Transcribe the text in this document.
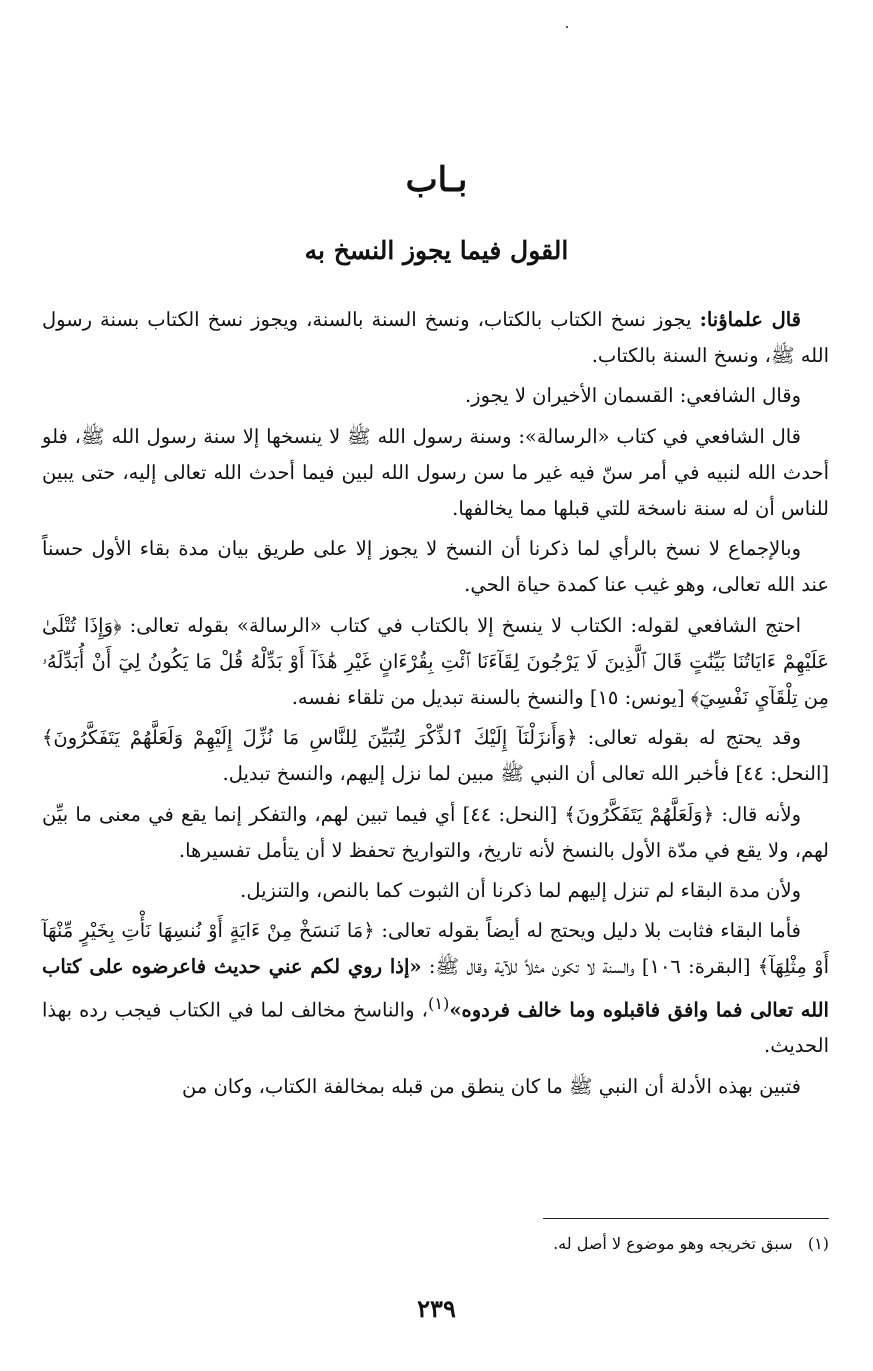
بـاب
القول فيما يجوز النسخ به

قال علماؤنا: يجوز نسخ الكتاب بالكتاب، ونسخ السنة بالسنة، ويجوز نسخ الكتاب بسنة رسول الله ﷺ، ونسخ السنة بالكتاب.

وقال الشافعي: القسمان الأخيران لا يجوز.

قال الشافعي في كتاب «الرسالة»: وسنة رسول الله ﷺ لا ينسخها إلا سنة رسول الله ﷺ، فلو أحدث الله لنبيه في أمر سنّ فيه غير ما سن رسول الله لبين فيما أحدث الله تعالى إليه، حتى يبين للناس أن له سنة ناسخة للتي قبلها مما يخالفها.

وبالإجماع لا نسخ بالرأي لما ذكرنا أن النسخ لا يجوز إلا على طريق بيان مدة بقاء الأول حسناً عند الله تعالى، وهو غيب عنا كمدة حياة الحي.

احتج الشافعي لقوله: الكتاب لا ينسخ إلا بالكتاب في كتاب «الرسالة» بقوله تعالى: ﴿وَإِذَا تُتْلَىٰ عَلَيْهِمْ ءَايَاتُنَا بَيِّنَٰتٍ قَالَ ٱلَّذِينَ لَا يَرْجُونَ لِقَآءَنَا ٱئْتِ بِقُرْءَانٍ غَيْرِ هَٰذَآ أَوْ بَدِّلْهُ قُلْ مَا يَكُونُ لِيٓ أَنْ أُبَدِّلَهُۥ مِن تِلْقَآيِ نَفْسِيٓ﴾ [يونس: ١٥] والنسخ بالسنة تبديل من تلقاء نفسه.

وقد يحتج له بقوله تعالى: ﴿وَأَنزَلْنَآ إِلَيْكَ ٱلذِّكْرَ لِتُبَيِّنَ لِلنَّاسِ مَا نُزِّلَ إِلَيْهِمْ وَلَعَلَّهُمْ يَتَفَكَّرُونَ﴾ [النحل: ٤٤] فأخبر الله تعالى أن النبي ﷺ مبين لما نزل إليهم، والنسخ تبديل.

ولأنه قال: ﴿وَلَعَلَّهُمْ يَتَفَكَّرُونَ﴾ [النحل: ٤٤] أي فيما تبين لهم، والتفكر إنما يقع في معنى ما بيِّن لهم، ولا يقع في مدّة الأول بالنسخ لأنه تاريخ، والتواريخ تحفظ لا أن يتأمل تفسيرها.

ولأن مدة البقاء لم تنزل إليهم لما ذكرنا أن الثبوت كما بالنص، والتنزيل.

فأما البقاء فثابت بلا دليل ويحتج له أيضاً بقوله تعالى: ﴿مَا نَنسَخْ مِنْ ءَايَةٍ أَوْ نُنسِهَا نَأْتِ بِخَيْرٍ مِّنْهَآ أَوْ مِثْلِهَآ﴾ [البقرة: ١٠٦] والسنة لا تكون مثلاً للآية وقال ﷺ: «إذا روي لكم عني حديث فاعرضوه على كتاب الله تعالى فما وافق فاقبلوه وما خالف فردوه»$^{(١)}$، والناسخ مخالف لما في الكتاب فيجب رده بهذا الحديث.

فتبين بهذه الأدلة أن النبي ﷺ ما كان ينطق من قبله بمخالفة الكتاب، وكان من

(١)   سبق تخريجه وهو موضوع لا أصل له.

٢٣٩
